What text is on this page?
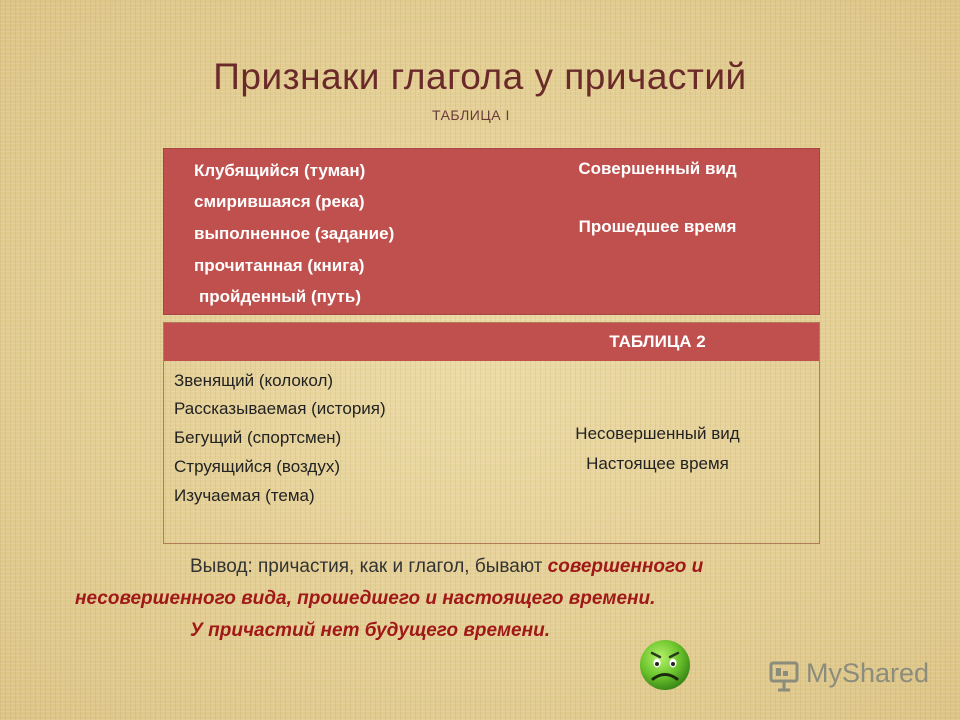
Признаки глагола у причастий
ТАБЛИЦА I
Клубящийся (туман)
смирившаяся (река)
выполненное (задание)
прочитанная (книга)
пройденный (путь)
Совершенный вид
Прошедшее время
ТАБЛИЦА 2
Звенящий (колокол)
Рассказываемая (история)
Бегущий (спортсмен)
Струящийся (воздух)
Изучаемая (тема)
Несовершенный вид
Настоящее время
Вывод: причастия, как и глагол, бывают совершенного и
несовершенного вида, прошедшего и настоящего времени.
У причастий нет будущего времени.
MyShared
